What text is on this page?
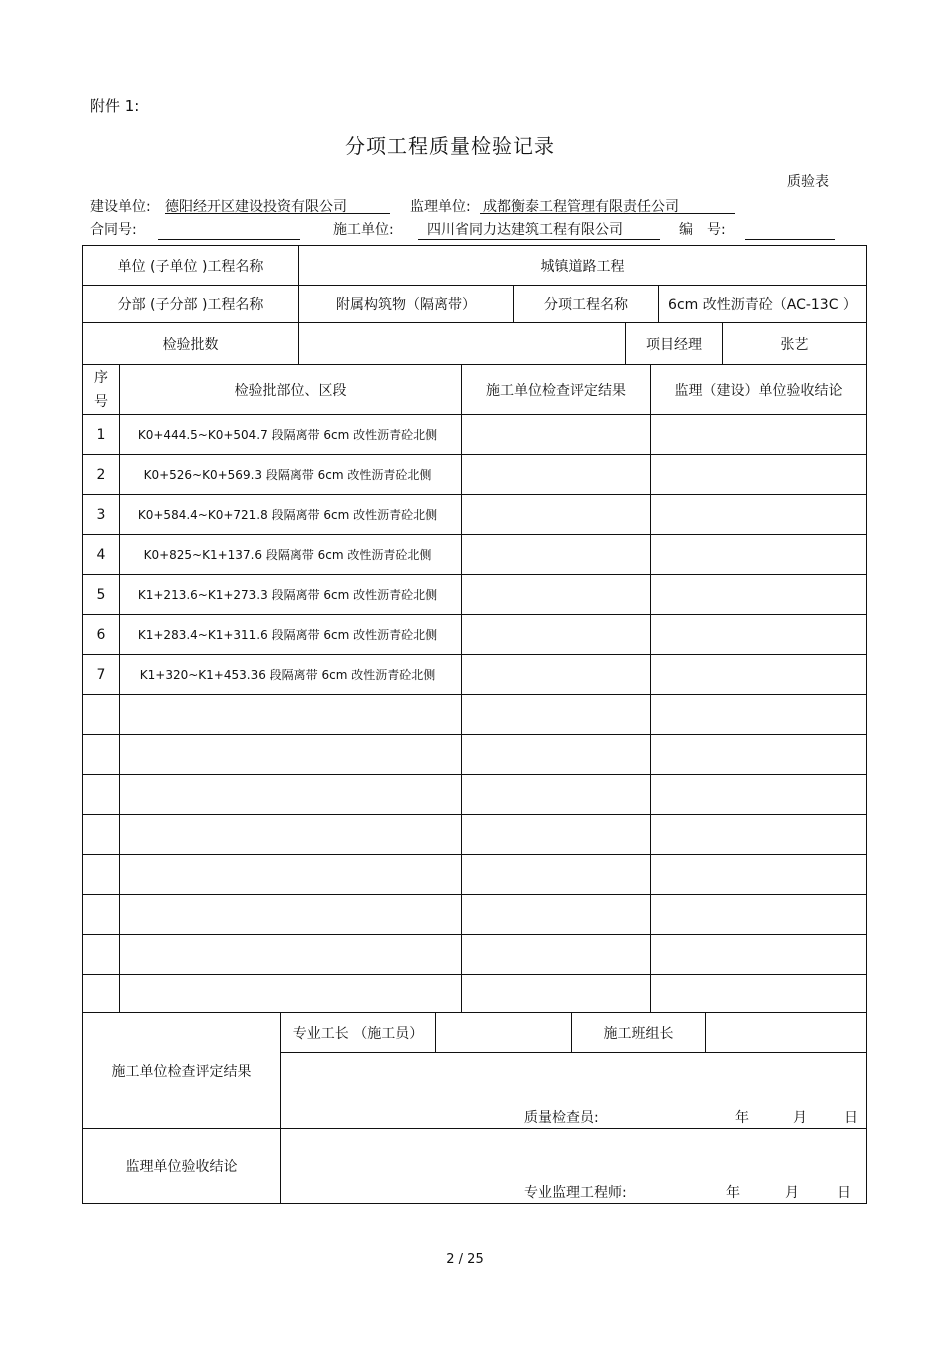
附件 1:
分项工程质量检验记录
质验表
建设单位: 德阳经开区建设投资有限公司	监理单位: 成都衡泰工程管理有限责任公司
合同号:	施工单位: 四川省同力达建筑工程有限公司	编　号:
单位 (子单位 )工程名称	城镇道路工程
分部 (子分部 )工程名称	附属构筑物（隔离带）	分项工程名称	6cm 改性沥青砼（AC-13C ）
检验批数	项目经理	张艺
序
号
检验批部位、区段	施工单位检查评定结果	监理（建设）单位验收结论
1	K0+444.5~K0+504.7 段隔离带 6cm 改性沥青砼北侧
2	K0+526~K0+569.3 段隔离带 6cm 改性沥青砼北侧
3	K0+584.4~K0+721.8 段隔离带 6cm 改性沥青砼北侧
4	K0+825~K1+137.6 段隔离带 6cm 改性沥青砼北侧
5	K1+213.6~K1+273.3 段隔离带 6cm 改性沥青砼北侧
6	K1+283.4~K1+311.6 段隔离带 6cm 改性沥青砼北侧
7	K1+320~K1+453.36 段隔离带 6cm 改性沥青砼北侧
施工单位检查评定结果
专业工长 （施工员）	施工班组长
质量检查员:	年	月	日
监理单位验收结论
专业监理工程师:	年	月	日
2 / 25
